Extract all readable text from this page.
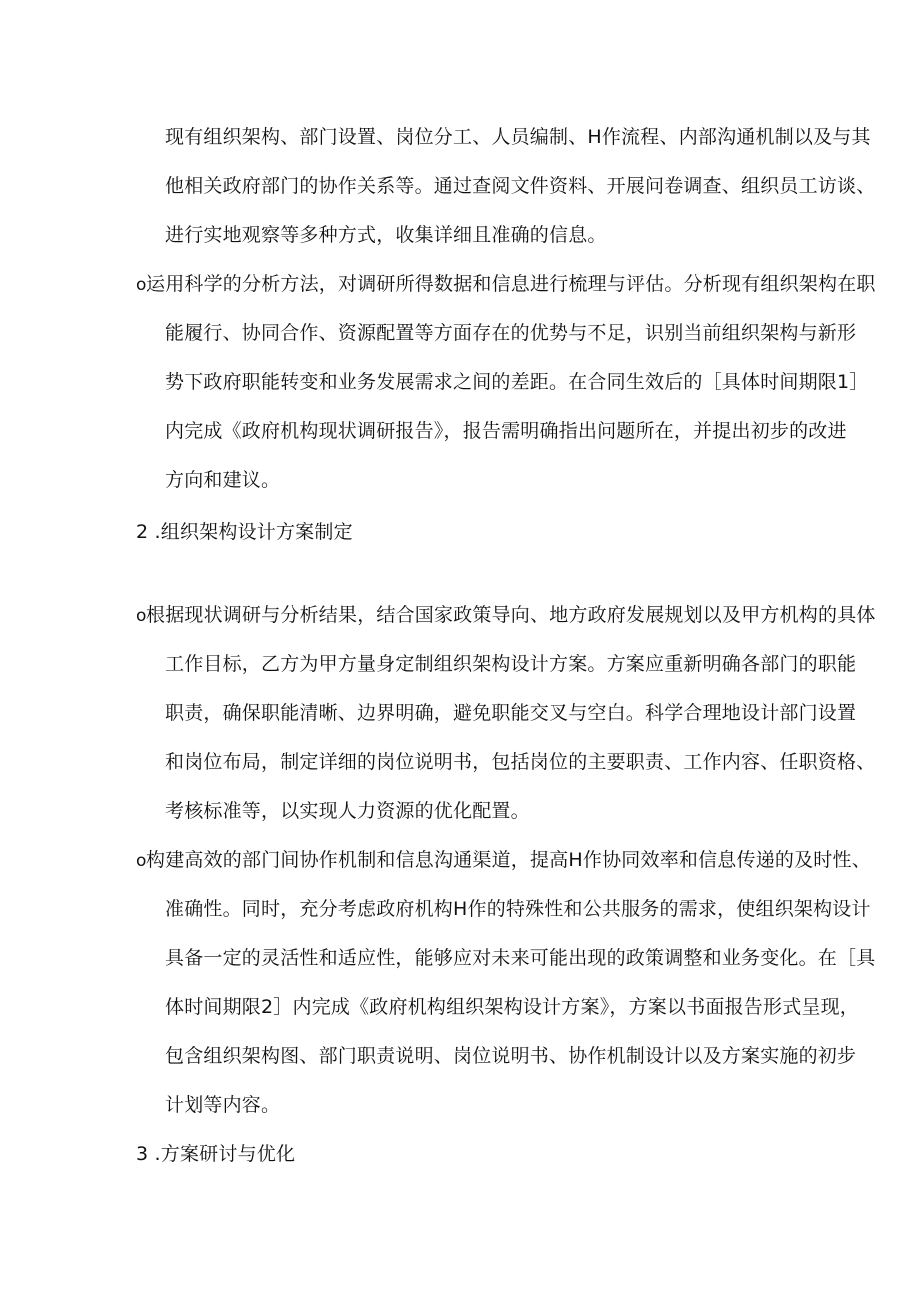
现有组织架构、部门设置、岗位分工、人员编制、H作流程、内部沟通机制以及与其
他相关政府部门的协作关系等。通过查阅文件资料、开展问卷调查、组织员工访谈、
进行实地观察等多种方式，收集详细且准确的信息。
o运用科学的分析方法，对调研所得数据和信息进行梳理与评估。分析现有组织架构在职
能履行、协同合作、资源配置等方面存在的优势与不足，识别当前组织架构与新形
势下政府职能转变和业务发展需求之间的差距。在合同生效后的［具体时间期限1］
内完成《政府机构现状调研报告》，报告需明确指出问题所在，并提出初步的改进
方向和建议。
2 .组织架构设计方案制定
o根据现状调研与分析结果，结合国家政策导向、地方政府发展规划以及甲方机构的具体
工作目标，乙方为甲方量身定制组织架构设计方案。方案应重新明确各部门的职能
职责，确保职能清晰、边界明确，避免职能交叉与空白。科学合理地设计部门设置
和岗位布局，制定详细的岗位说明书，包括岗位的主要职责、工作内容、任职资格、
考核标准等，以实现人力资源的优化配置。
o构建高效的部门间协作机制和信息沟通渠道，提高H作协同效率和信息传递的及时性、
准确性。同时，充分考虑政府机构H作的特殊性和公共服务的需求，使组织架构设计
具备一定的灵活性和适应性，能够应对未来可能出现的政策调整和业务变化。在［具
体时间期限2］内完成《政府机构组织架构设计方案》，方案以书面报告形式呈现，
包含组织架构图、部门职责说明、岗位说明书、协作机制设计以及方案实施的初步
计划等内容。
3 .方案研讨与优化
